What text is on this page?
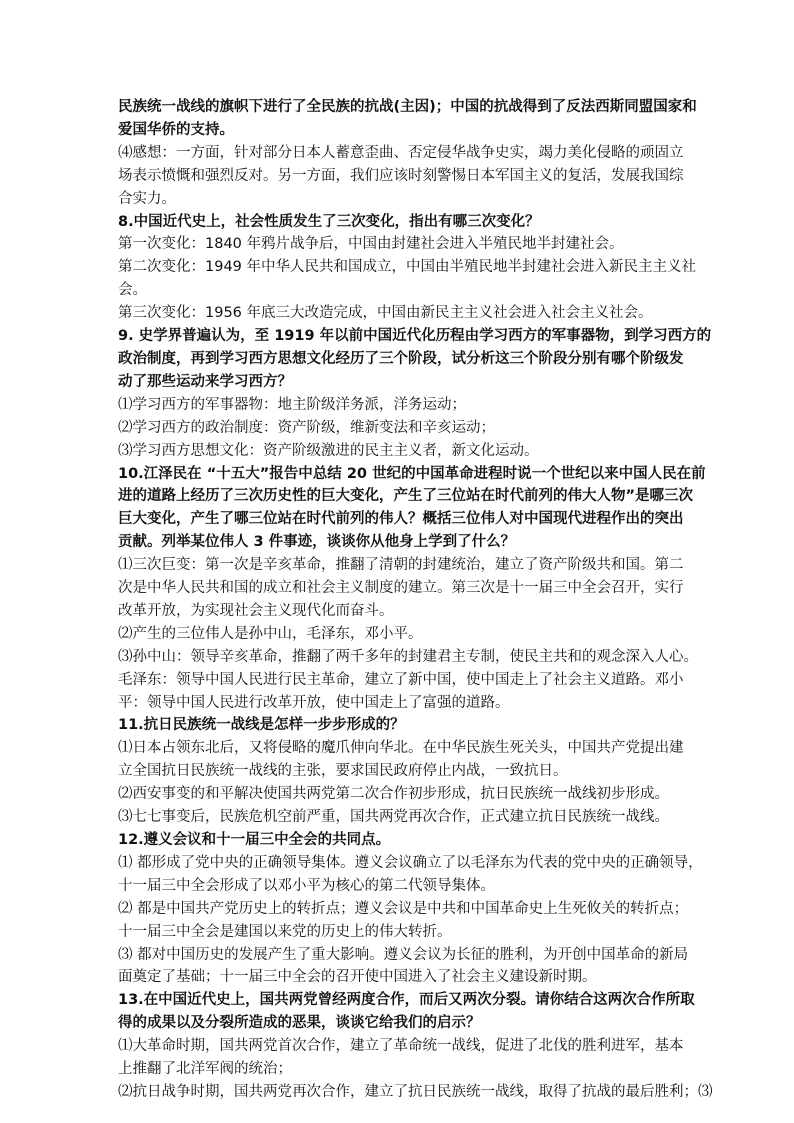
民族统一战线的旗帜下进行了全民族的抗战(主因)；中国的抗战得到了反法西斯同盟国家和

爱国华侨的支持。

⑷感想：一方面，针对部分日本人蓄意歪曲、否定侵华战争史实，竭力美化侵略的顽固立

场表示愤慨和强烈反对。另一方面，我们应该时刻警惕日本军国主义的复活，发展我国综

合实力。

8.中国近代史上，社会性质发生了三次变化，指出有哪三次变化？

第一次变化：1840 年鸦片战争后，中国由封建社会进入半殖民地半封建社会。

第二次变化：1949 年中华人民共和国成立，中国由半殖民地半封建社会进入新民主主义社

会。

第三次变化：1956 年底三大改造完成，中国由新民主主义社会进入社会主义社会。

9. 史学界普遍认为，至 1919 年以前中国近代化历程由学习西方的军事器物，到学习西方的

政治制度，再到学习西方思想文化经历了三个阶段，试分析这三个阶段分别有哪个阶级发

动了那些运动来学习西方？

⑴学习西方的军事器物：地主阶级洋务派，洋务运动；

⑵学习西方的政治制度：资产阶级，维新变法和辛亥运动；

⑶学习西方思想文化：资产阶级激进的民主主义者，新文化运动。

10.江泽民在 “十五大”报告中总结 20 世纪的中国革命进程时说一个世纪以来中国人民在前

进的道路上经历了三次历史性的巨大变化，产生了三位站在时代前列的伟大人物”是哪三次

巨大变化，产生了哪三位站在时代前列的伟人？概括三位伟人对中国现代进程作出的突出

贡献。列举某位伟人 3 件事迹，谈谈你从他身上学到了什么？

⑴三次巨变：第一次是辛亥革命，推翻了清朝的封建统治，建立了资产阶级共和国。第二

次是中华人民共和国的成立和社会主义制度的建立。第三次是十一届三中全会召开，实行

改革开放，为实现社会主义现代化而奋斗。

⑵产生的三位伟人是孙中山，毛泽东，邓小平。

⑶孙中山：领导辛亥革命，推翻了两千多年的封建君主专制，使民主共和的观念深入人心。

毛泽东：领导中国人民进行民主革命，建立了新中国，使中国走上了社会主义道路。邓小

平：领导中国人民进行改革开放，使中国走上了富强的道路。

11.抗日民族统一战线是怎样一步步形成的？

⑴日本占领东北后，又将侵略的魔爪伸向华北。在中华民族生死关头，中国共产党提出建

立全国抗日民族统一战线的主张，要求国民政府停止内战，一致抗日。

⑵西安事变的和平解决使国共两党第二次合作初步形成，抗日民族统一战线初步形成。

⑶七七事变后，民族危机空前严重，国共两党再次合作，正式建立抗日民族统一战线。

12.遵义会议和十一届三中全会的共同点。

⑴ 都形成了党中央的正确领导集体。遵义会议确立了以毛泽东为代表的党中央的正确领导，

十一届三中全会形成了以邓小平为核心的第二代领导集体。

⑵ 都是中国共产党历史上的转折点；遵义会议是中共和中国革命史上生死攸关的转折点；

十一届三中全会是建国以来党的历史上的伟大转折。

⑶ 都对中国历史的发展产生了重大影响。遵义会议为长征的胜利，为开创中国革命的新局

面奠定了基础；十一届三中全会的召开使中国进入了社会主义建设新时期。

13.在中国近代史上，国共两党曾经两度合作，而后又两次分裂。请你结合这两次合作所取

得的成果以及分裂所造成的恶果，谈谈它给我们的启示？

⑴大革命时期，国共两党首次合作，建立了革命统一战线，促进了北伐的胜利进军，基本

上推翻了北洋军阀的统治；

⑵抗日战争时期，国共两党再次合作，建立了抗日民族统一战线，取得了抗战的最后胜利；⑶
